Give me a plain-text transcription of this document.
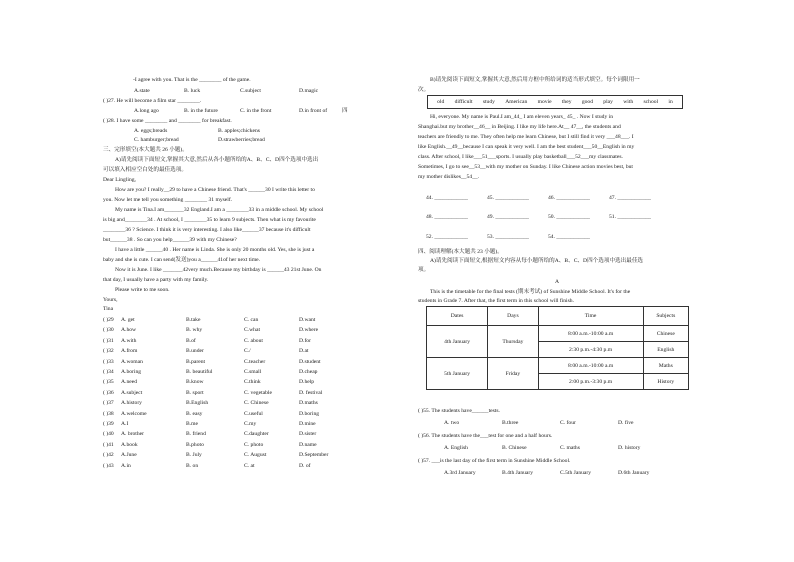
-I agree with you. That is the ________ of the game.
A.state	B. luck	C.subject	D.magic
( )27. He will become a film star ________.
A.long ago	B. in the future	C. in the front	D.in front of	四
( )28. I have some ________ and ________ for breakfast.
A. eggs;breads	B. apples;chickens
C. hamburger;bread	D.strawberries;bread
三、完形填空(本大题共 26 小题)。
A)请先阅读下面短文,掌握其大意,然后从各小题所给的A、B、C、D四个选项中选出
可以填入相应空白处的最佳选项。
Dear Lingling,
How are you? I really__29 to have a Chinese friend. That's ______30 I write this letter to
you. Now let me tell you something ________ 31 myself.
My name is Tina.I am_______32 England.I am a ________33 in a middle school. My school
is big and________34 . At school, I ________35 to learn 9 subjects. Then what is my favourite
________36 ? Science. I think it is very interesting. I also like______37 because it's difficult
but______38 . So can you help______39 with my Chinese?
I have a little ______40 . Her name is Linda. She is only 20 months old. Yes, she is just a
baby and she is cute. I can send(发送)you a______41of her next time.
Now it is June. I like _______42very much.Because my birthday is ______43 21st June. On
that day, I usually have a party with my family.
Please write to me soon.
Yours,
Tina
( )29 A. get	B.take	C. can	D.want
( )30 A.how	B. why	C.what	D.where
( )31 A.with	B.of	C. about	D.for
( )32 A.from	B.under	C./	D.at
( )33 A.woman	B.parent	C.teacher	D.student
( )34 A.boring	B. beautiful	C.small	D.cheap
( )35 A.need	B.know	C.think	D.help
( )36 A.subject	B. sport	C. vegetable	D. festival
( )37 A.history	B.English	C. Chinese	D.maths
( )38 A.welcome	B. easy	C.useful	D.boring
( )39 A.I	B.me	C.my	D.mine
( )40 A. brother	B. friend	C.daughter	D.sister
( )41 A.book	B.photo	C. photo	D.name
( )42 A.June	B. July	C. August	D.September
( )43 A.in	B. on	C. at	D. of
B)请先阅读下面短文,掌握其大意,然后用方框中所给词的适当形式填空。每个词限用一
次。
old difficult study American movie they good play with school in
Hi, everyone. My name is Paul.I am_44_ I am eleven years_ 45_ . Now I study in
Shanghai.but my brother__46__ in Beijing. I like my life here.At__ 47__, the students and
teachers are friendly to me. They often help me learn Chinese, but I still find it very ___48___. I
like English.__49__because I can speak it very well. I am the best student___50__English in my
class. After school, I like___51___sports. I usually play basketball___52___my classmates.
Sometimes, I go to see__53__with my mother on Sunday. I like Chinese action movies best, but
my mother dislikes__54__.
44. ____________	45. ____________	46. ____________	47. ____________
48. ____________	49. ____________	50. ____________	51. ____________
52. ____________	53. ____________	54. ____________
四、阅读理解(本大题共 23 小题)。
A)请先阅读下面短文,根据短文内容从每小题所给的A、B、C、D四个选项中选出最佳选
项。
A
This is the timetable for the final tests (期末考试) of Sunshine Middle School. It's for the
students in Grade 7. After that, the first term in this school will finish.
Dates	Days	Time	Subjects
4th January	Thursday	8:00 a.m.-10:00 a.m	Chinese
		2:30 p.m.-4:30 p.m	English
5th January	Friday	8:00 a.m.-10:00 a.m	Maths
		2:00 p.m.-3:30 p.m	History
( )55. The students have______tests.
A. two	B.three	C. four	D. five
( )56. The students have the___test for one and a half hours.
A. English	B. Chinese	C. maths	D. history
( )57. ___is the last day of the first term in Sunshine Middle School.
A.3rd January	B.4th January	C.5th January	D.6th January
